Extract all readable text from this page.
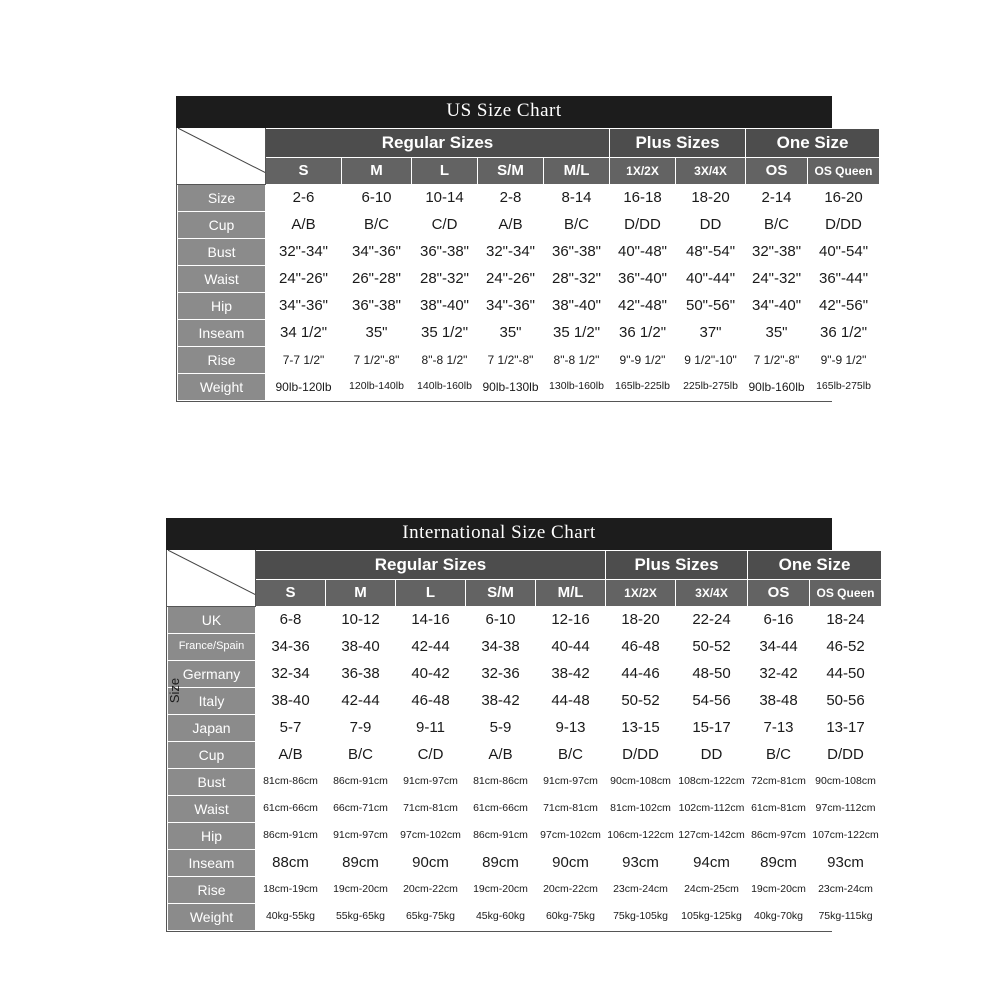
US Size Chart
	Regular Sizes					Plus Sizes		One Size	
	S	M	L	S/M	M/L	1X/2X	3X/4X	OS	OS Queen
Size	2-6	6-10	10-14	2-8	8-14	16-18	18-20	2-14	16-20
Cup	A/B	B/C	C/D	A/B	B/C	D/DD	DD	B/C	D/DD
Bust	32"-34"	34"-36"	36"-38"	32"-34"	36"-38"	40"-48"	48"-54"	32"-38"	40"-54"
Waist	24"-26"	26"-28"	28"-32"	24"-26"	28"-32"	36"-40"	40"-44"	24"-32"	36"-44"
Hip	34"-36"	36"-38"	38"-40"	34"-36"	38"-40"	42"-48"	50"-56"	34"-40"	42"-56"
Inseam	34 1/2"	35"	35 1/2"	35"	35 1/2"	36 1/2"	37"	35"	36 1/2"
Rise	7-7 1/2"	7 1/2"-8"	8"-8 1/2"	7 1/2"-8"	8"-8 1/2"	9"-9 1/2"	9 1/2"-10"	7 1/2"-8"	9"-9 1/2"
Weight	90lb-120lb	120lb-140lb	140lb-160lb	90lb-130lb	130lb-160lb	165lb-225lb	225lb-275lb	90lb-160lb	165lb-275lb
International Size Chart
	Regular Sizes					Plus Sizes		One Size	
	S	M	L	S/M	M/L	1X/2X	3X/4X	OS	OS Queen
UK	6-8	10-12	14-16	6-10	12-16	18-20	22-24	6-16	18-24
France/Spain	34-36	38-40	42-44	34-38	40-44	46-48	50-52	34-44	46-52
Germany	32-34	36-38	40-42	32-36	38-42	44-46	48-50	32-42	44-50
Italy	38-40	42-44	46-48	38-42	44-48	50-52	54-56	38-48	50-56
Japan	5-7	7-9	9-11	5-9	9-13	13-15	15-17	7-13	13-17
Cup	A/B	B/C	C/D	A/B	B/C	D/DD	DD	B/C	D/DD
Bust	81cm-86cm	86cm-91cm	91cm-97cm	81cm-86cm	91cm-97cm	90cm-108cm	108cm-122cm	72cm-81cm	90cm-108cm
Waist	61cm-66cm	66cm-71cm	71cm-81cm	61cm-66cm	71cm-81cm	81cm-102cm	102cm-112cm	61cm-81cm	97cm-112cm
Hip	86cm-91cm	91cm-97cm	97cm-102cm	86cm-91cm	97cm-102cm	106cm-122cm	127cm-142cm	86cm-97cm	107cm-122cm
Inseam	88cm	89cm	90cm	89cm	90cm	93cm	94cm	89cm	93cm
Rise	18cm-19cm	19cm-20cm	20cm-22cm	19cm-20cm	20cm-22cm	23cm-24cm	24cm-25cm	19cm-20cm	23cm-24cm
Weight	40kg-55kg	55kg-65kg	65kg-75kg	45kg-60kg	60kg-75kg	75kg-105kg	105kg-125kg	40kg-70kg	75kg-115kg
Size
